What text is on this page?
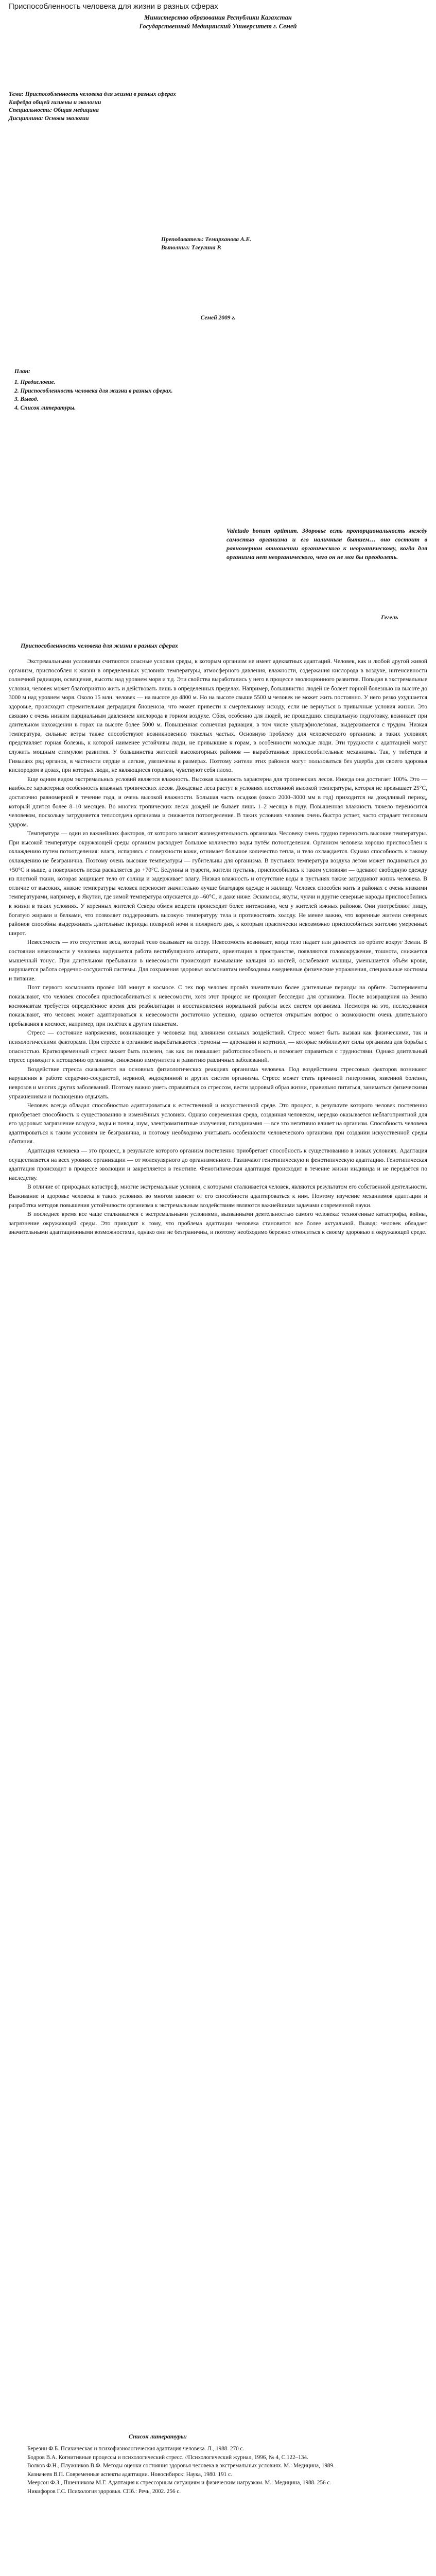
Приспособленность человека для жизни в разных сферах
Министерство образования Республики Казахстан
Государственный Медицинский Университет г. Семей
Тема: Приспособленность человека для жизни в разных сферах
Кафедра общей гигиены и экологии
Специальность: Общая медицина
Дисциплина: Основы экологии
Преподаватель: Темирханова А.Е.
Выполнил: Тлеулина Р.
Семей 2009 г.
План:
1. Предисловие.
2. Приспособленность человека для жизни в разных сферах.
3. Вывод.
4. Список литературы.
Valetudo bonum optimum. Здоровье есть пропорциональность между самостью организма и его наличным бытием… оно состоит в равномерном отношении органического к неорганическому, когда для организма нет неорганического, чего он не мог бы преодолеть.
Гегель
Приспособленность человека для жизни в разных сферах

Экстремальными условиями считаются опасные условия среды, к которым организм не имеет адекватных адаптаций. Человек, как и любой другой живой организм, приспособлен к жизни в определенных условиях температуры, атмосферного давления, влажности, содержания кислорода в воздухе, интенсивности солнечной радиации, освещения, высоты над уровнем моря и т.д. Эти свойства выработались у него в процессе эволюционного развития. Попадая в экстремальные условия, человек может благоприятно жить и действовать лишь в определенных пределах. Например, большинство людей не болеет горной болезнью на высоте до 3000 м над уровнем моря. Около 15 млн. человек — на высоте до 4800 м. Но на высоте свыше 5500 м человек не может жить постоянно. У него резко ухудшается здоровье, происходит стремительная деградация биоценоза, что может привести к смертельному исходу, если не вернуться в привычные условия жизни. Это связано с очень низким парциальным давлением кислорода в горном воздухе. Сбоя, особенно для людей, не прошедших специальную подготовку, возникает при длительном нахождении в горах на высоте более 5000 м. Повышенная солнечная радиация, в том числе ультрафиолетовая, выдерживается с трудом. Низкая температура, сильные ветры также способствуют возникновению тяжелых частых. Основную проблему для человеческого организма в таких условиях представляет горная болезнь, к которой наименее устойчивы люди, не привыкшие к горам, в особенности молодые люди. Эти трудности с адаптацией могут служить мощным стимулом развития. У большинства жителей высокогорных районов — выработанные приспособительные механизмы. Так, у тибетцев в Гималаях ряд органов, в частности сердце и легкие, увеличены в размерах. Поэтому жители этих районов могут пользоваться без ущерба для своего здоровья кислородом в дозах, при которых люди, не являющиеся горцами, чувствуют себя плохо.

Еще одним видом экстремальных условий является влажность. Высокая влажность характерна для тропических лесов. Иногда она достигает 100%. Это — наиболее характерная особенность влажных тропических лесов. Дождевые леса растут в условиях постоянной высокой температуры, которая не превышает 25°С, достаточно равномерной в течение года, и очень высокой влажности. Большая часть осадков (около 2000–3000 мм в год) приходится на дождливый период, который длится более 8–10 месяцев. Во многих тропических лесах дождей не бывает лишь 1–2 месяца в году. Повышенная влажность тяжело переносится человеком, поскольку затрудняется теплоотдача организма и снижается потоотделение. В таких условиях человек очень быстро устает, часто страдает тепловым ударом.

Температура — один из важнейших факторов, от которого зависит жизнедеятельность организма. Человеку очень трудно переносить высокие температуры. При высокой температуре окружающей среды организм расходует большое количество воды путём потоотделения. Организм человека хорошо приспособлен к охлаждению путем потоотделения: влага, испаряясь с поверхности кожи, отнимает большое количество тепла, и тело охлаждается. Однако способность к такому охлаждению не безгранична. Поэтому очень высокие температуры — губительны для организма. В пустынях температура воздуха летом может подниматься до +50°С и выше, а поверхность песка раскаляется до +70°С. Бедуины и туареги, жители пустынь, приспособились к таким условиям — одевают свободную одежду из плотной ткани, которая защищает тело от солнца и задерживает влагу. Низкая влажность и отсутствие воды в пустынях также затрудняют жизнь человека. В отличие от высоких, низкие температуры человек переносит значительно лучше благодаря одежде и жилищу. Человек способен жить в районах с очень низкими температурами, например, в Якутии, где зимой температура опускается до –60°С, и даже ниже. Эскимосы, якуты, чукчи и другие северные народы приспособились к жизни в таких условиях. У коренных жителей Севера обмен веществ происходит более интенсивно, чем у жителей южных районов. Они употребляют пищу, богатую жирами и белками, что позволяет поддерживать высокую температуру тела и противостоять холоду. Не менее важно, что коренные жители северных районов способны выдерживать длительные периоды полярной ночи и полярного дня, к которым практически невозможно приспособиться жителям умеренных широт.

Невесомость — это отсутствие веса, который тело оказывает на опору. Невесомость возникает, когда тело падает или движется по орбите вокруг Земли. В состоянии невесомости у человека нарушается работа вестибулярного аппарата, ориентация в пространстве, появляются головокружение, тошнота, снижается мышечный тонус. При длительном пребывании в невесомости происходит вымывание кальция из костей, ослабевают мышцы, уменьшается объём крови, нарушается работа сердечно-сосудистой системы. Для сохранения здоровья космонавтам необходимы ежедневные физические упражнения, специальные костюмы и питание.

Поэт первого космонавта провёл 108 минут в космосе. С тех пор человек провёл значительно более длительные периоды на орбите. Эксперименты показывают, что человек способен приспосабливаться к невесомости, хотя этот процесс не проходит бесследно для организма. После возвращения на Землю космонавтам требуется определённое время для реабилитации и восстановления нормальной работы всех систем организма. Несмотря на это, исследования показывают, что человек может адаптироваться к невесомости достаточно успешно, однако остается открытым вопрос о возможности очень длительного пребывания в космосе, например, при полётах к другим планетам.

Стресс — состояние напряжения, возникающее у человека под влиянием сильных воздействий. Стресс может быть вызван как физическими, так и психологическими факторами. При стрессе в организме вырабатываются гормоны — адреналин и кортизол, — которые мобилизуют силы организма для борьбы с опасностью. Кратковременный стресс может быть полезен, так как он повышает работоспособность и помогает справиться с трудностями. Однако длительный стресс приводит к истощению организма, снижению иммунитета и развитию различных заболеваний.

Воздействие стресса сказывается на основных физиологических реакциях организма человека. Под воздействием стрессовых факторов возникают нарушения в работе сердечно-сосудистой, нервной, эндокринной и других систем организма. Стресс может стать причиной гипертонии, язвенной болезни, неврозов и многих других заболеваний. Поэтому важно уметь справляться со стрессом, вести здоровый образ жизни, правильно питаться, заниматься физическими упражнениями и полноценно отдыхать.

Человек всегда обладал способностью адаптироваться к естественной и искусственной среде. Это процесс, в результате которого человек постепенно приобретает способность к существованию в изменённых условиях. Однако современная среда, созданная человеком, нередко оказывается неблагоприятной для его здоровья: загрязнение воздуха, воды и почвы, шум, электромагнитные излучения, гиподинамия — все это негативно влияет на организм. Способность человека адаптироваться к таким условиям не безгранична, и поэтому необходимо учитывать особенности человеческого организма при создании искусственной среды обитания.

Адаптация человека — это процесс, в результате которого организм постепенно приобретает способность к существованию в новых условиях. Адаптация осуществляется на всех уровнях организации — от молекулярного до организменного. Различают генотипическую и фенотипическую адаптацию. Генотипическая адаптация происходит в процессе эволюции и закрепляется в генотипе. Фенотипическая адаптация происходит в течение жизни индивида и не передаётся по наследству.

В отличие от природных катастроф, многие экстремальные условия, с которыми сталкивается человек, являются результатом его собственной деятельности. Выживание и здоровье человека в таких условиях во многом зависят от его способности адаптироваться к ним. Поэтому изучение механизмов адаптации и разработка методов повышения устойчивости организма к экстремальным воздействиям являются важнейшими задачами современной науки.

В последнее время все чаще сталкиваемся с экстремальными условиями, вызванными деятельностью самого человека: техногенные катастрофы, войны, загрязнение окружающей среды. Это приводит к тому, что проблема адаптации человека становится все более актуальной. Вывод: человек обладает значительными адаптационными возможностями, однако они не безграничны, и поэтому необходимо бережно относиться к своему здоровью и окружающей среде.

Список литературы:
Березин Ф.Б. Психическая и психофизиологическая адаптация человека. Л., 1988. 270 с.
Бодров В.А. Когнитивные процессы и психологический стресс. //Психологический журнал, 1996, № 4, С.122–134.
Волков Ф.Н., Плужников В.Ф. Методы оценки состояния здоровья человека в экстремальных условиях. М.: Медицина, 1989.
Казначеев В.П. Современные аспекты адаптации. Новосибирск: Наука, 1980. 191 с.
Меерсон Ф.З., Пшенникова М.Г. Адаптация к стрессорным ситуациям и физическим нагрузкам. М.: Медицина, 1988. 256 с.
Никифоров Г.С. Психология здоровья. СПб.: Речь, 2002. 256 с.
